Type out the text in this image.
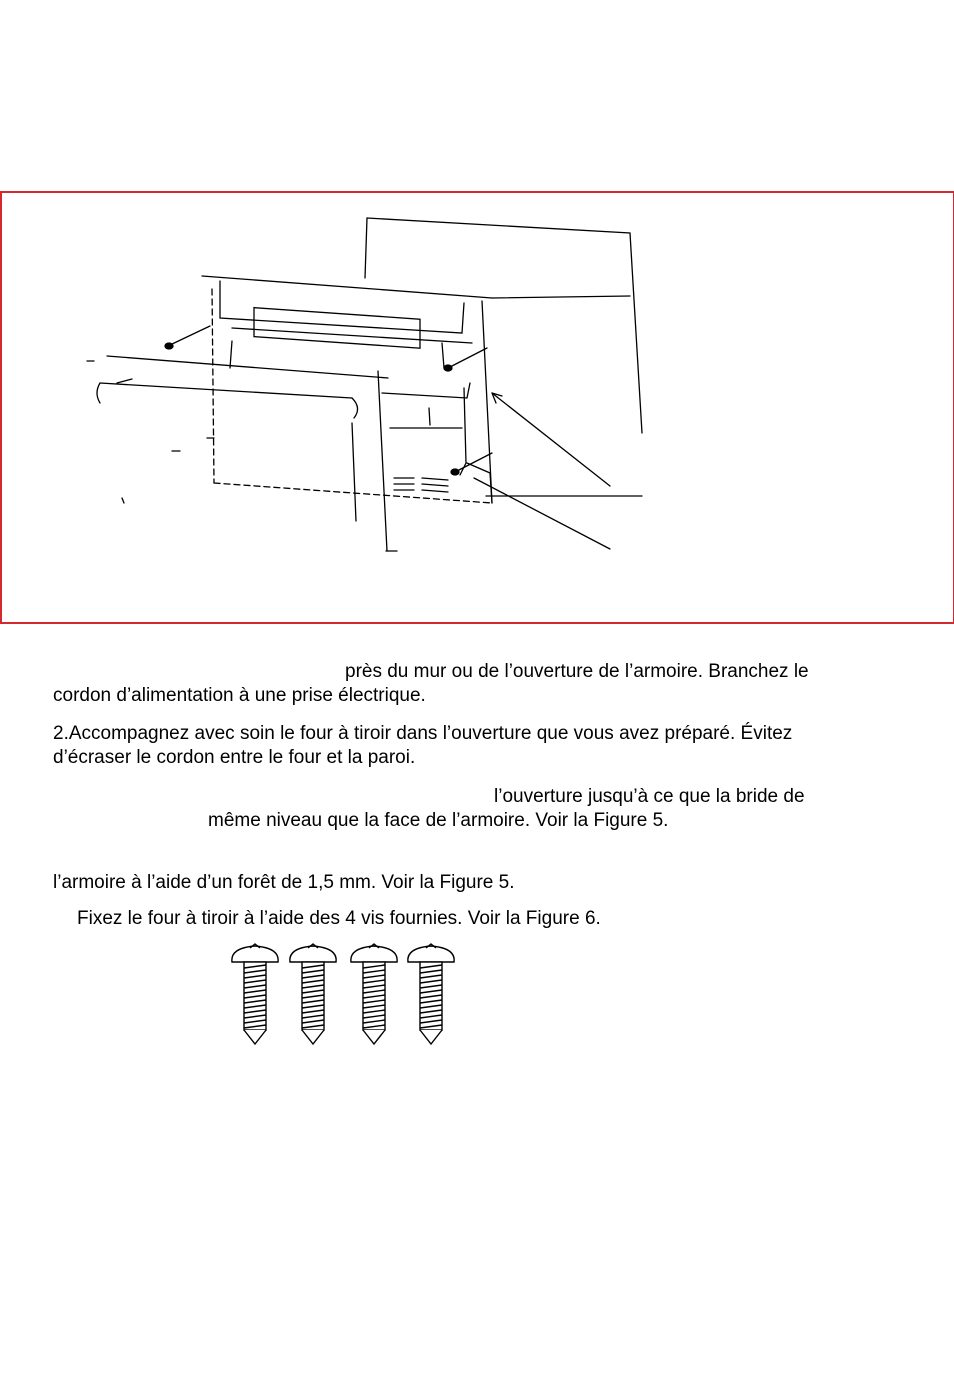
près du mur ou de l’ouverture de l’armoire. Branchez le
cordon d’alimentation à une prise électrique.
2.Accompagnez avec soin le four à tiroir dans l’ouverture que vous avez préparé. Évitez
d’écraser le cordon entre le four et la paroi.
l’ouverture jusqu’à ce que la bride de
même niveau que la face de l’armoire. Voir la Figure 5.
l’armoire à l’aide d’un forêt de 1,5 mm. Voir la Figure 5.
Fixez le four à tiroir à l’aide des 4 vis fournies. Voir la Figure 6.
